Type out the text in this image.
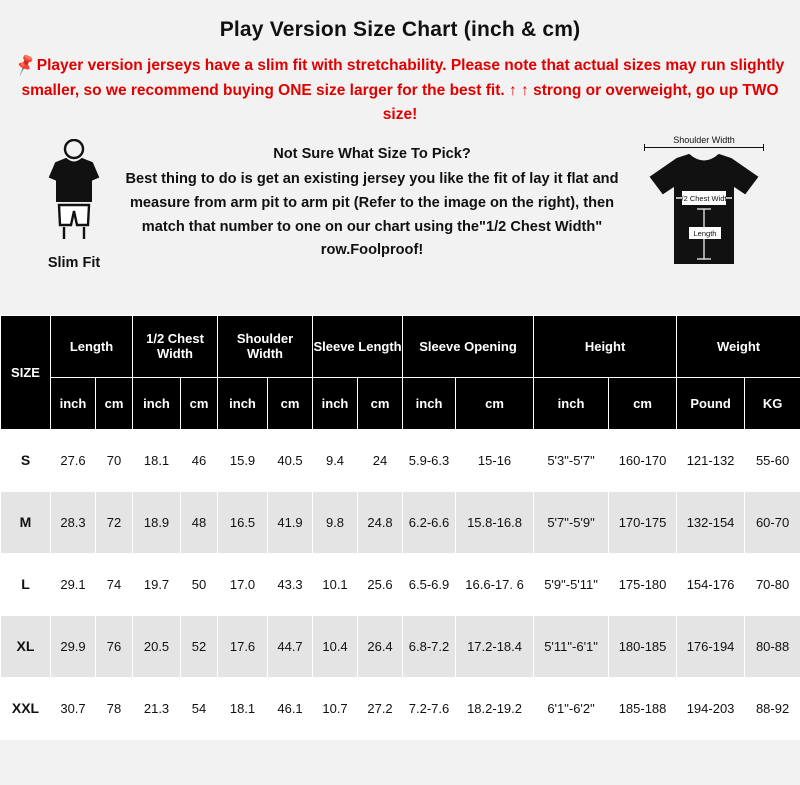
Play Version Size Chart (inch & cm)
📌Player version jerseys have a slim fit with stretchability. Please note that actual sizes may run slightly smaller, so we recommend buying ONE size larger for the best fit. ↑ ↑ strong or overweight, go up TWO size!
Slim Fit
Not Sure What Size To Pick?
Best thing to do is get an existing jersey you like the fit of lay it flat and measure from arm pit to arm pit (Refer to the image on the right), then match that number to one on our chart using the"1/2 Chest Width" row.Foolproof!
Shoulder Width
1/2 Chest Width
Length
SIZE	Length		1/2 Chest Width		Shoulder Width		Sleeve Length		Sleeve Opening		Height		Weight	
	inch	cm	inch	cm	inch	cm	inch	cm	inch	cm	inch	cm	Pound	KG
S	27.6	70	18.1	46	15.9	40.5	9.4	24	5.9-6.3	15-16	5'3"-5'7"	160-170	121-132	55-60
M	28.3	72	18.9	48	16.5	41.9	9.8	24.8	6.2-6.6	15.8-16.8	5'7"-5'9"	170-175	132-154	60-70
L	29.1	74	19.7	50	17.0	43.3	10.1	25.6	6.5-6.9	16.6-17. 6	5'9"-5'11"	175-180	154-176	70-80
XL	29.9	76	20.5	52	17.6	44.7	10.4	26.4	6.8-7.2	17.2-18.4	5'11"-6'1"	180-185	176-194	80-88
XXL	30.7	78	21.3	54	18.1	46.1	10.7	27.2	7.2-7.6	18.2-19.2	6'1"-6'2"	185-188	194-203	88-92
